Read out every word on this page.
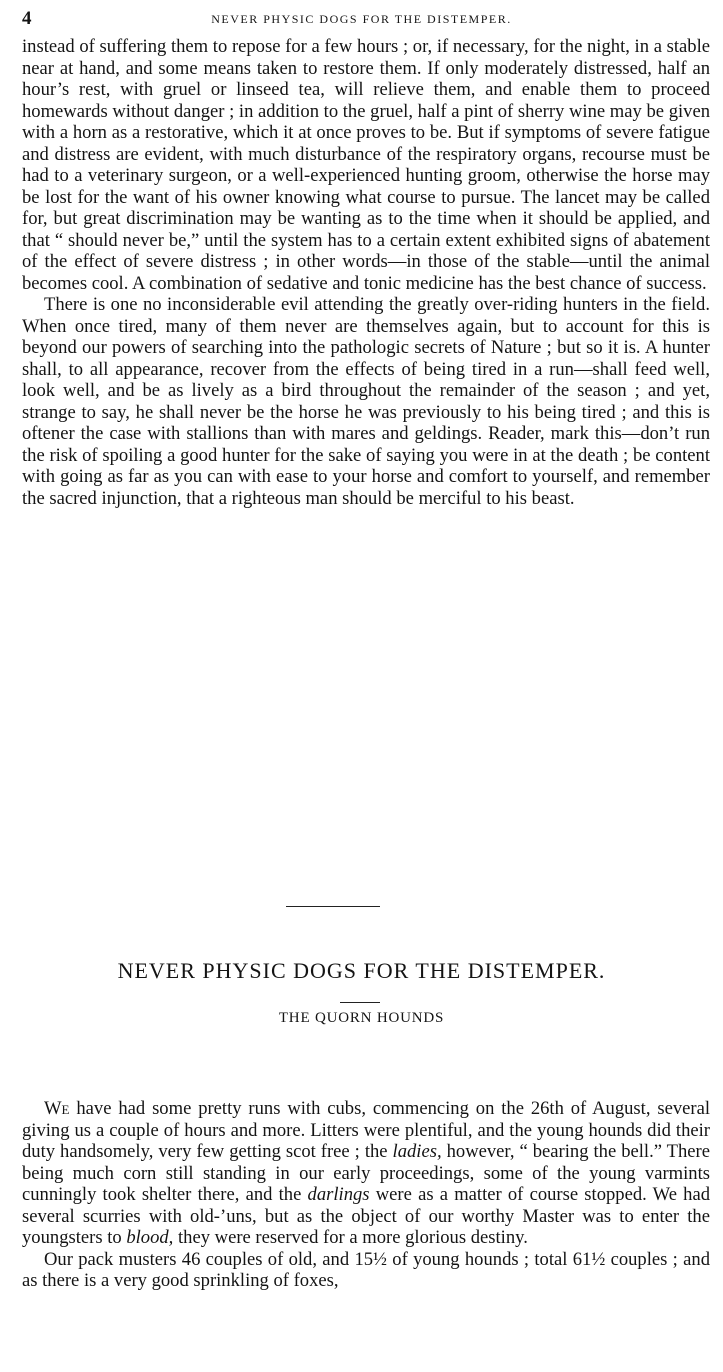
4	NEVER PHYSIC DOGS FOR THE DISTEMPER.

instead of suffering them to repose for a few hours ; or, if necessary, for the night, in a stable near at hand, and some means taken to restore them. If only moderately distressed, half an hour’s rest, with gruel or linseed tea, will relieve them, and enable them to proceed homewards without danger ; in addition to the gruel, half a pint of sherry wine may be given with a horn as a restorative, which it at once proves to be. But if symptoms of severe fatigue and distress are evident, with much disturbance of the respiratory organs, recourse must be had to a veterinary surgeon, or a well-experienced hunting groom, otherwise the horse may be lost for the want of his owner knowing what course to pursue. The lancet may be called for, but great discrimination may be wanting as to the time when it should be applied, and that “ should never be,” until the system has to a certain extent exhibited signs of abatement of the effect of severe distress ; in other words—in those of the stable—until the animal becomes cool. A combination of sedative and tonic medicine has the best chance of success.

There is one no inconsiderable evil attending the greatly over-riding hunters in the field. When once tired, many of them never are themselves again, but to account for this is beyond our powers of searching into the pathologic secrets of Nature ; but so it is. A hunter shall, to all appearance, recover from the effects of being tired in a run—shall feed well, look well, and be as lively as a bird throughout the remainder of the season ; and yet, strange to say, he shall never be the horse he was previously to his being tired ; and this is oftener the case with stallions than with mares and geldings. Reader, mark this—don’t run the risk of spoiling a good hunter for the sake of saying you were in at the death ; be content with going as far as you can with ease to your horse and comfort to yourself, and remember the sacred injunction, that a righteous man should be merciful to his beast.

NEVER PHYSIC DOGS FOR THE DISTEMPER.
THE QUORN HOUNDS

We have had some pretty runs with cubs, commencing on the 26th of August, several giving us a couple of hours and more. Litters were plentiful, and the young hounds did their duty handsomely, very few getting scot free ; the ladies, however, “ bearing the bell.” There being much corn still standing in our early proceedings, some of the young varmints cunningly took shelter there, and the darlings were as a matter of course stopped. We had several scurries with old-’uns, but as the object of our worthy Master was to enter the youngsters to blood, they were reserved for a more glorious destiny.

Our pack musters 46 couples of old, and 15½ of young hounds ; total 61½ couples ; and as there is a very good sprinkling of foxes,
